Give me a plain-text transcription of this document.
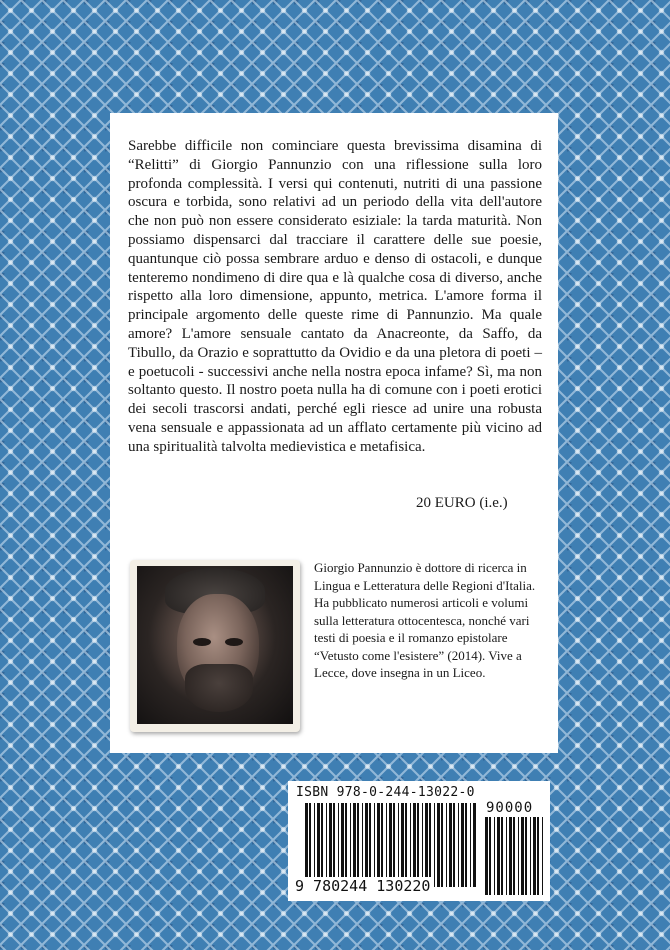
Sarebbe difficile non cominciare questa brevissima disamina di “Relitti” di Giorgio Pannunzio con una riflessione sulla loro profonda complessità. I versi qui contenuti, nutriti di una passione oscura e torbida, sono relativi ad un periodo della vita dell'autore che non può non essere considerato esiziale: la tarda maturità. Non possiamo dispensarci dal tracciare il carattere delle sue poesie, quantunque ciò possa sembrare arduo e denso di ostacoli, e dunque tenteremo nondimeno di dire qua e là qualche cosa di diverso, anche rispetto alla loro dimensione, appunto, metrica. L'amore forma il principale argomento delle queste rime di Pannunzio. Ma quale amore? L'amore sensuale cantato da Anacreonte, da Saffo, da Tibullo, da Orazio e soprattutto da Ovidio e da una pletora di poeti – e poetucoli - successivi anche nella nostra epoca infame? Sì, ma non soltanto questo. Il nostro poeta nulla ha di comune con i poeti erotici dei secoli trascorsi andati, perché egli riesce ad unire una robusta vena sensuale e appassionata ad un afflato certamente più vicino ad una spiritualità talvolta medievistica e metafisica.

20 EURO (i.e.)

Giorgio Pannunzio è dottore di ricerca in Lingua e Letteratura delle Regioni d'Italia. Ha pubblicato numerosi articoli e volumi sulla letteratura ottocentesca, nonché vari testi di poesia e il romanzo epistolare “Vetusto come l'esistere” (2014). Vive a Lecce, dove insegna in un Liceo.

ISBN 978-0-244-13022-0
90000
9 780244 130220
